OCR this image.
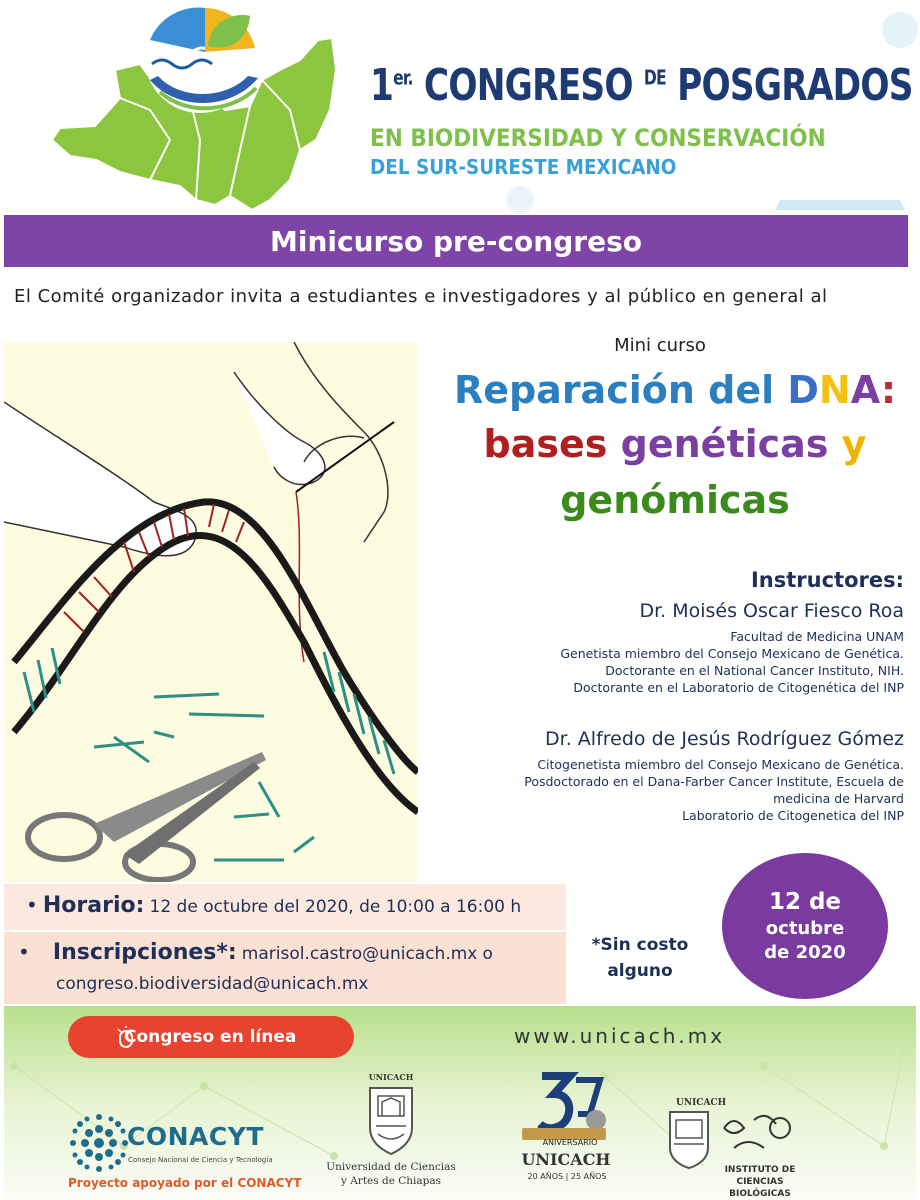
$1^{er.}$ CONGRESO $^{DE}$ POSGRADOS
EN BIODIVERSIDAD Y CONSERVACIÓN
DEL SUR-SURESTE MEXICANO
Minicurso pre-congreso
El Comité organizador invita a estudiantes e investigadores y al público en general al
Mini curso
Reparación del DNA:
bases genéticas y
genómicas
Instructores:
Dr. Moisés Oscar Fiesco Roa
Facultad de Medicina UNAM
Genetista miembro del Consejo Mexicano de Genética.
Doctorante en el National Cancer Instituto, NIH.
Doctorante en el Laboratorio de Citogenética del INP
Dr. Alfredo de Jesús Rodríguez Gómez
Citogenetista miembro del Consejo Mexicano de Genética.
Posdoctorado en el Dana-Farber Cancer Institute, Escuela de
medicina de Harvard
Laboratorio de Citogenetica del INP
• Horario: 12 de octubre del 2020, de 10:00 a 16:00 h
• Inscripciones*: marisol.castro@unicach.mx o
congreso.biodiversidad@unicach.mx
*Sin costo
alguno
12 de
octubre
de 2020
Congreso en línea	www.unicach.mx
CONACYT
Consejo Nacional de Ciencia y Tecnología
Proyecto apoyado por el CONACYT
UNICACH
Universidad de Ciencias
y Artes de Chiapas
ANIVERSARIO
UNICACH
20 AÑOS | 25 AÑOS
UNICACH
INSTITUTO DE CIENCIAS
BIOLÓGICAS
